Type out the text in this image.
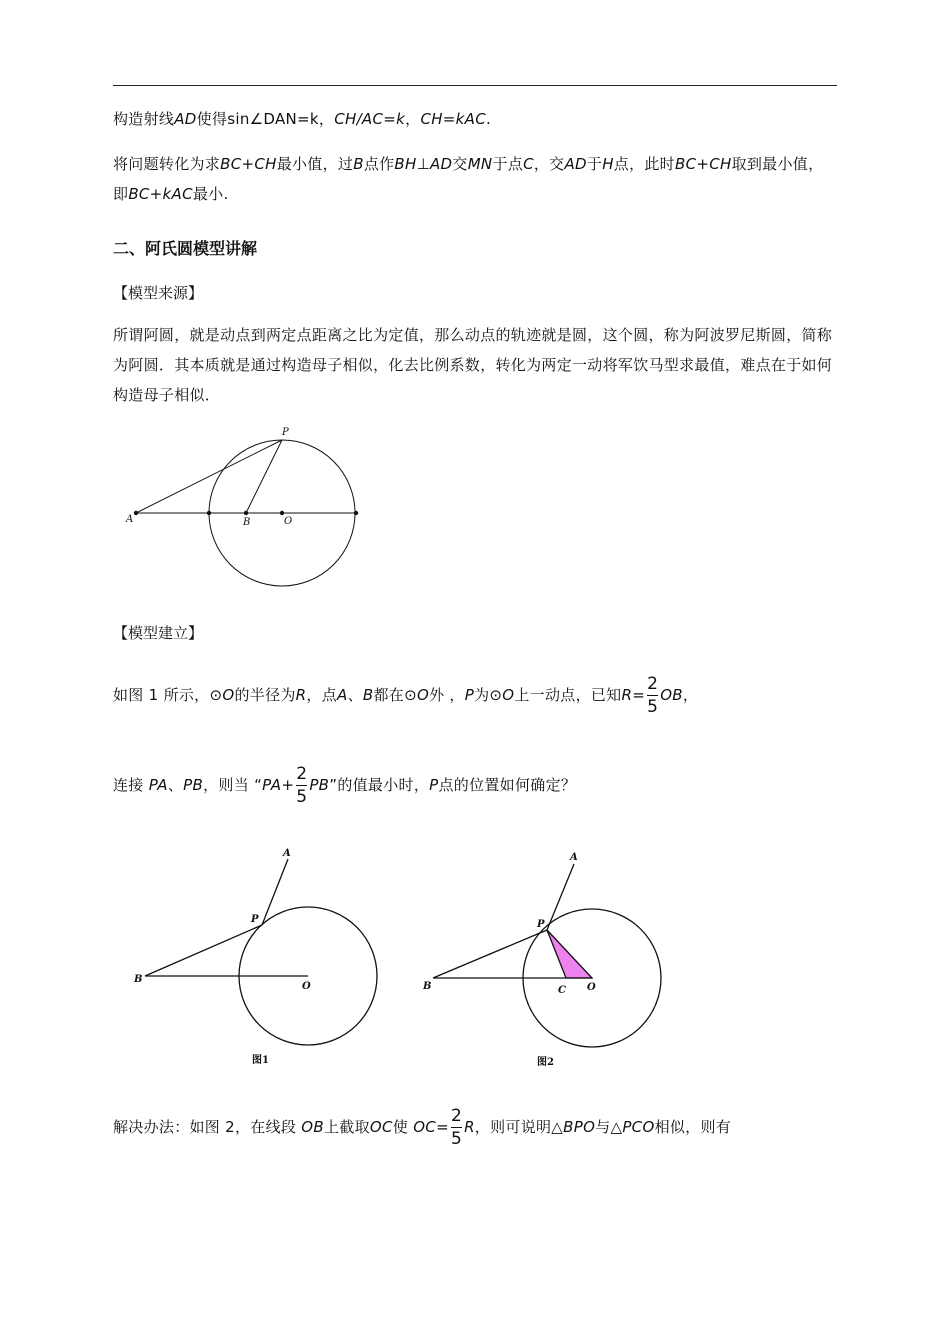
构造射线AD使得sin∠DAN=k，CH/AC=k，CH=kAC.
将问题转化为求BC+CH最小值，过B点作BH⊥AD交MN于点C，交AD于H点，此时BC+CH取到最小值，即BC+kAC最小.
二、阿氏圆模型讲解
【模型来源】
所谓阿圆，就是动点到两定点距离之比为定值，那么动点的轨迹就是圆，这个圆，称为阿波罗尼斯圆，简称为阿圆．其本质就是通过构造母子相似，化去比例系数，转化为两定一动将军饮马型求最值，难点在于如何构造母子相似．
【模型建立】
如图 1 所示，⊙O的半径为R，点A、B都在⊙O外 ，P为⊙O上一动点，已知$R= \frac{2}{5}$ OB，
连接 PA、PB，则当 “$PA+ \frac{2}{5}$ PB”的值最小时，P点的位置如何确定？
解决办法：如图 2，在线段 OB上截取OC使 $OC= \frac{2}{5}$ R，则可说明△BPO与△PCO相似，则有
P
A	B	O
A
P
B
O
图1
A
P
B	C O
图2
